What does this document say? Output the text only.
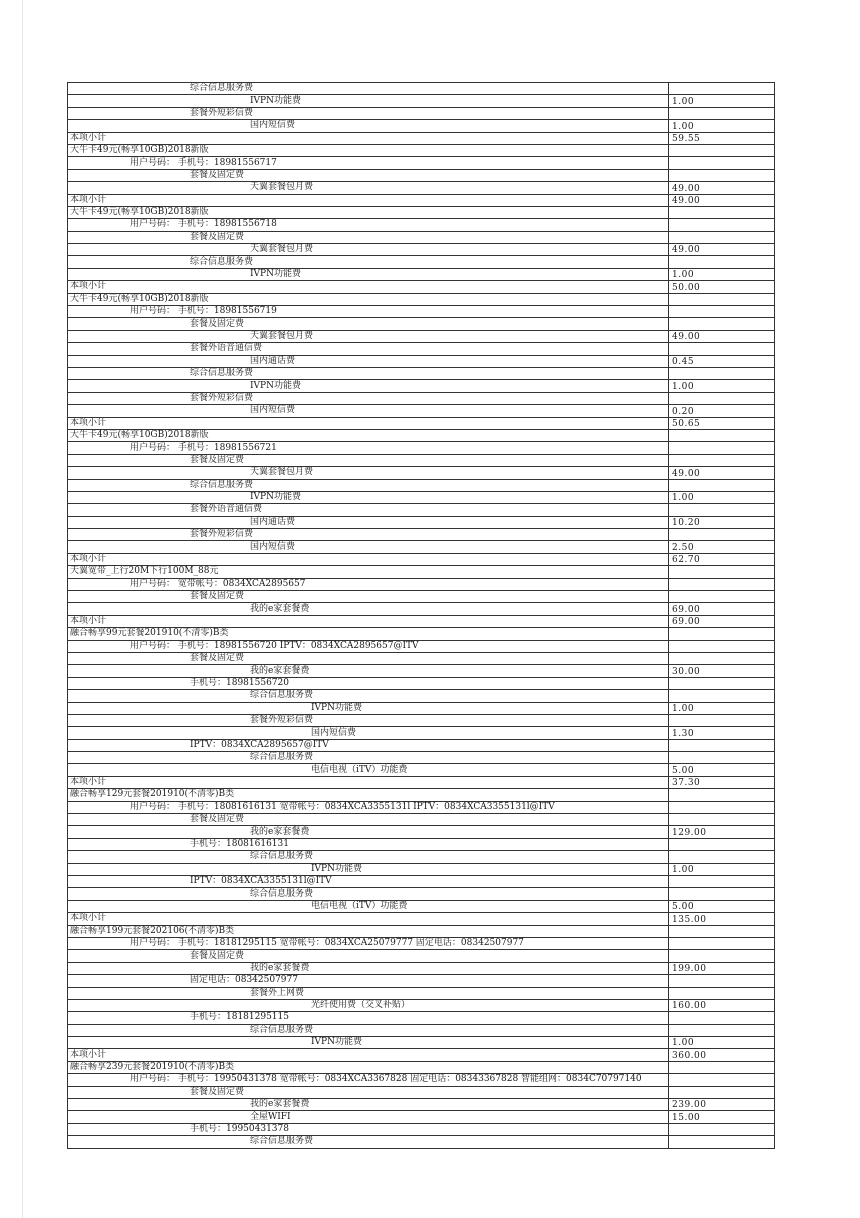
综合信息服务费	
IVPN功能费	1.00
套餐外短彩信费	
国内短信费	1.00
本项小计	59.55
大牛卡49元(畅享10GB)2018新版	
用户号码： 手机号：18981556717	
套餐及固定费	
天翼套餐包月费	49.00
本项小计	49.00
大牛卡49元(畅享10GB)2018新版	
用户号码： 手机号：18981556718	
套餐及固定费	
天翼套餐包月费	49.00
综合信息服务费	
IVPN功能费	1.00
本项小计	50.00
大牛卡49元(畅享10GB)2018新版	
用户号码： 手机号：18981556719	
套餐及固定费	
天翼套餐包月费	49.00
套餐外语音通信费	
国内通话费	0.45
综合信息服务费	
IVPN功能费	1.00
套餐外短彩信费	
国内短信费	0.20
本项小计	50.65
大牛卡49元(畅享10GB)2018新版	
用户号码： 手机号：18981556721	
套餐及固定费	
天翼套餐包月费	49.00
综合信息服务费	
IVPN功能费	1.00
套餐外语音通信费	
国内通话费	10.20
套餐外短彩信费	
国内短信费	2.50
本项小计	62.70
天翼宽带_上行20M下行100M_88元	
用户号码： 宽带帐号：0834XCA2895657	
套餐及固定费	
我的e家套餐费	69.00
本项小计	69.00
融合畅享99元套餐201910(不清零)B类	
用户号码： 手机号：18981556720 IPTV：0834XCA2895657@ITV	
套餐及固定费	
我的e家套餐费	30.00
手机号：18981556720	
综合信息服务费	
IVPN功能费	1.00
套餐外短彩信费	
国内短信费	1.30
IPTV：0834XCA2895657@ITV	
综合信息服务费	
电信电视（iTV）功能费	5.00
本项小计	37.30
融合畅享129元套餐201910(不清零)B类	
用户号码： 手机号：18081616131 宽带帐号：0834XCA3355131l IPTV：0834XCA3355131l@ITV	
套餐及固定费	
我的e家套餐费	129.00
手机号：18081616131	
综合信息服务费	
IVPN功能费	1.00
IPTV：0834XCA3355131l@ITV	
综合信息服务费	
电信电视（iTV）功能费	5.00
本项小计	135.00
融合畅享199元套餐202106(不清零)B类	
用户号码： 手机号：18181295115 宽带帐号：0834XCA25079777 固定电话：08342507977	
套餐及固定费	
我的e家套餐费	199.00
固定电话：08342507977	
套餐外上网费	
光纤使用费（交叉补贴）	160.00
手机号：18181295115	
综合信息服务费	
IVPN功能费	1.00
本项小计	360.00
融合畅享239元套餐201910(不清零)B类	
用户号码： 手机号：19950431378 宽带帐号：0834XCA3367828 固定电话：08343367828 智能组网：0834C70797140	
套餐及固定费	
我的e家套餐费	239.00
全屋WIFI	15.00
手机号：19950431378	
综合信息服务费	
